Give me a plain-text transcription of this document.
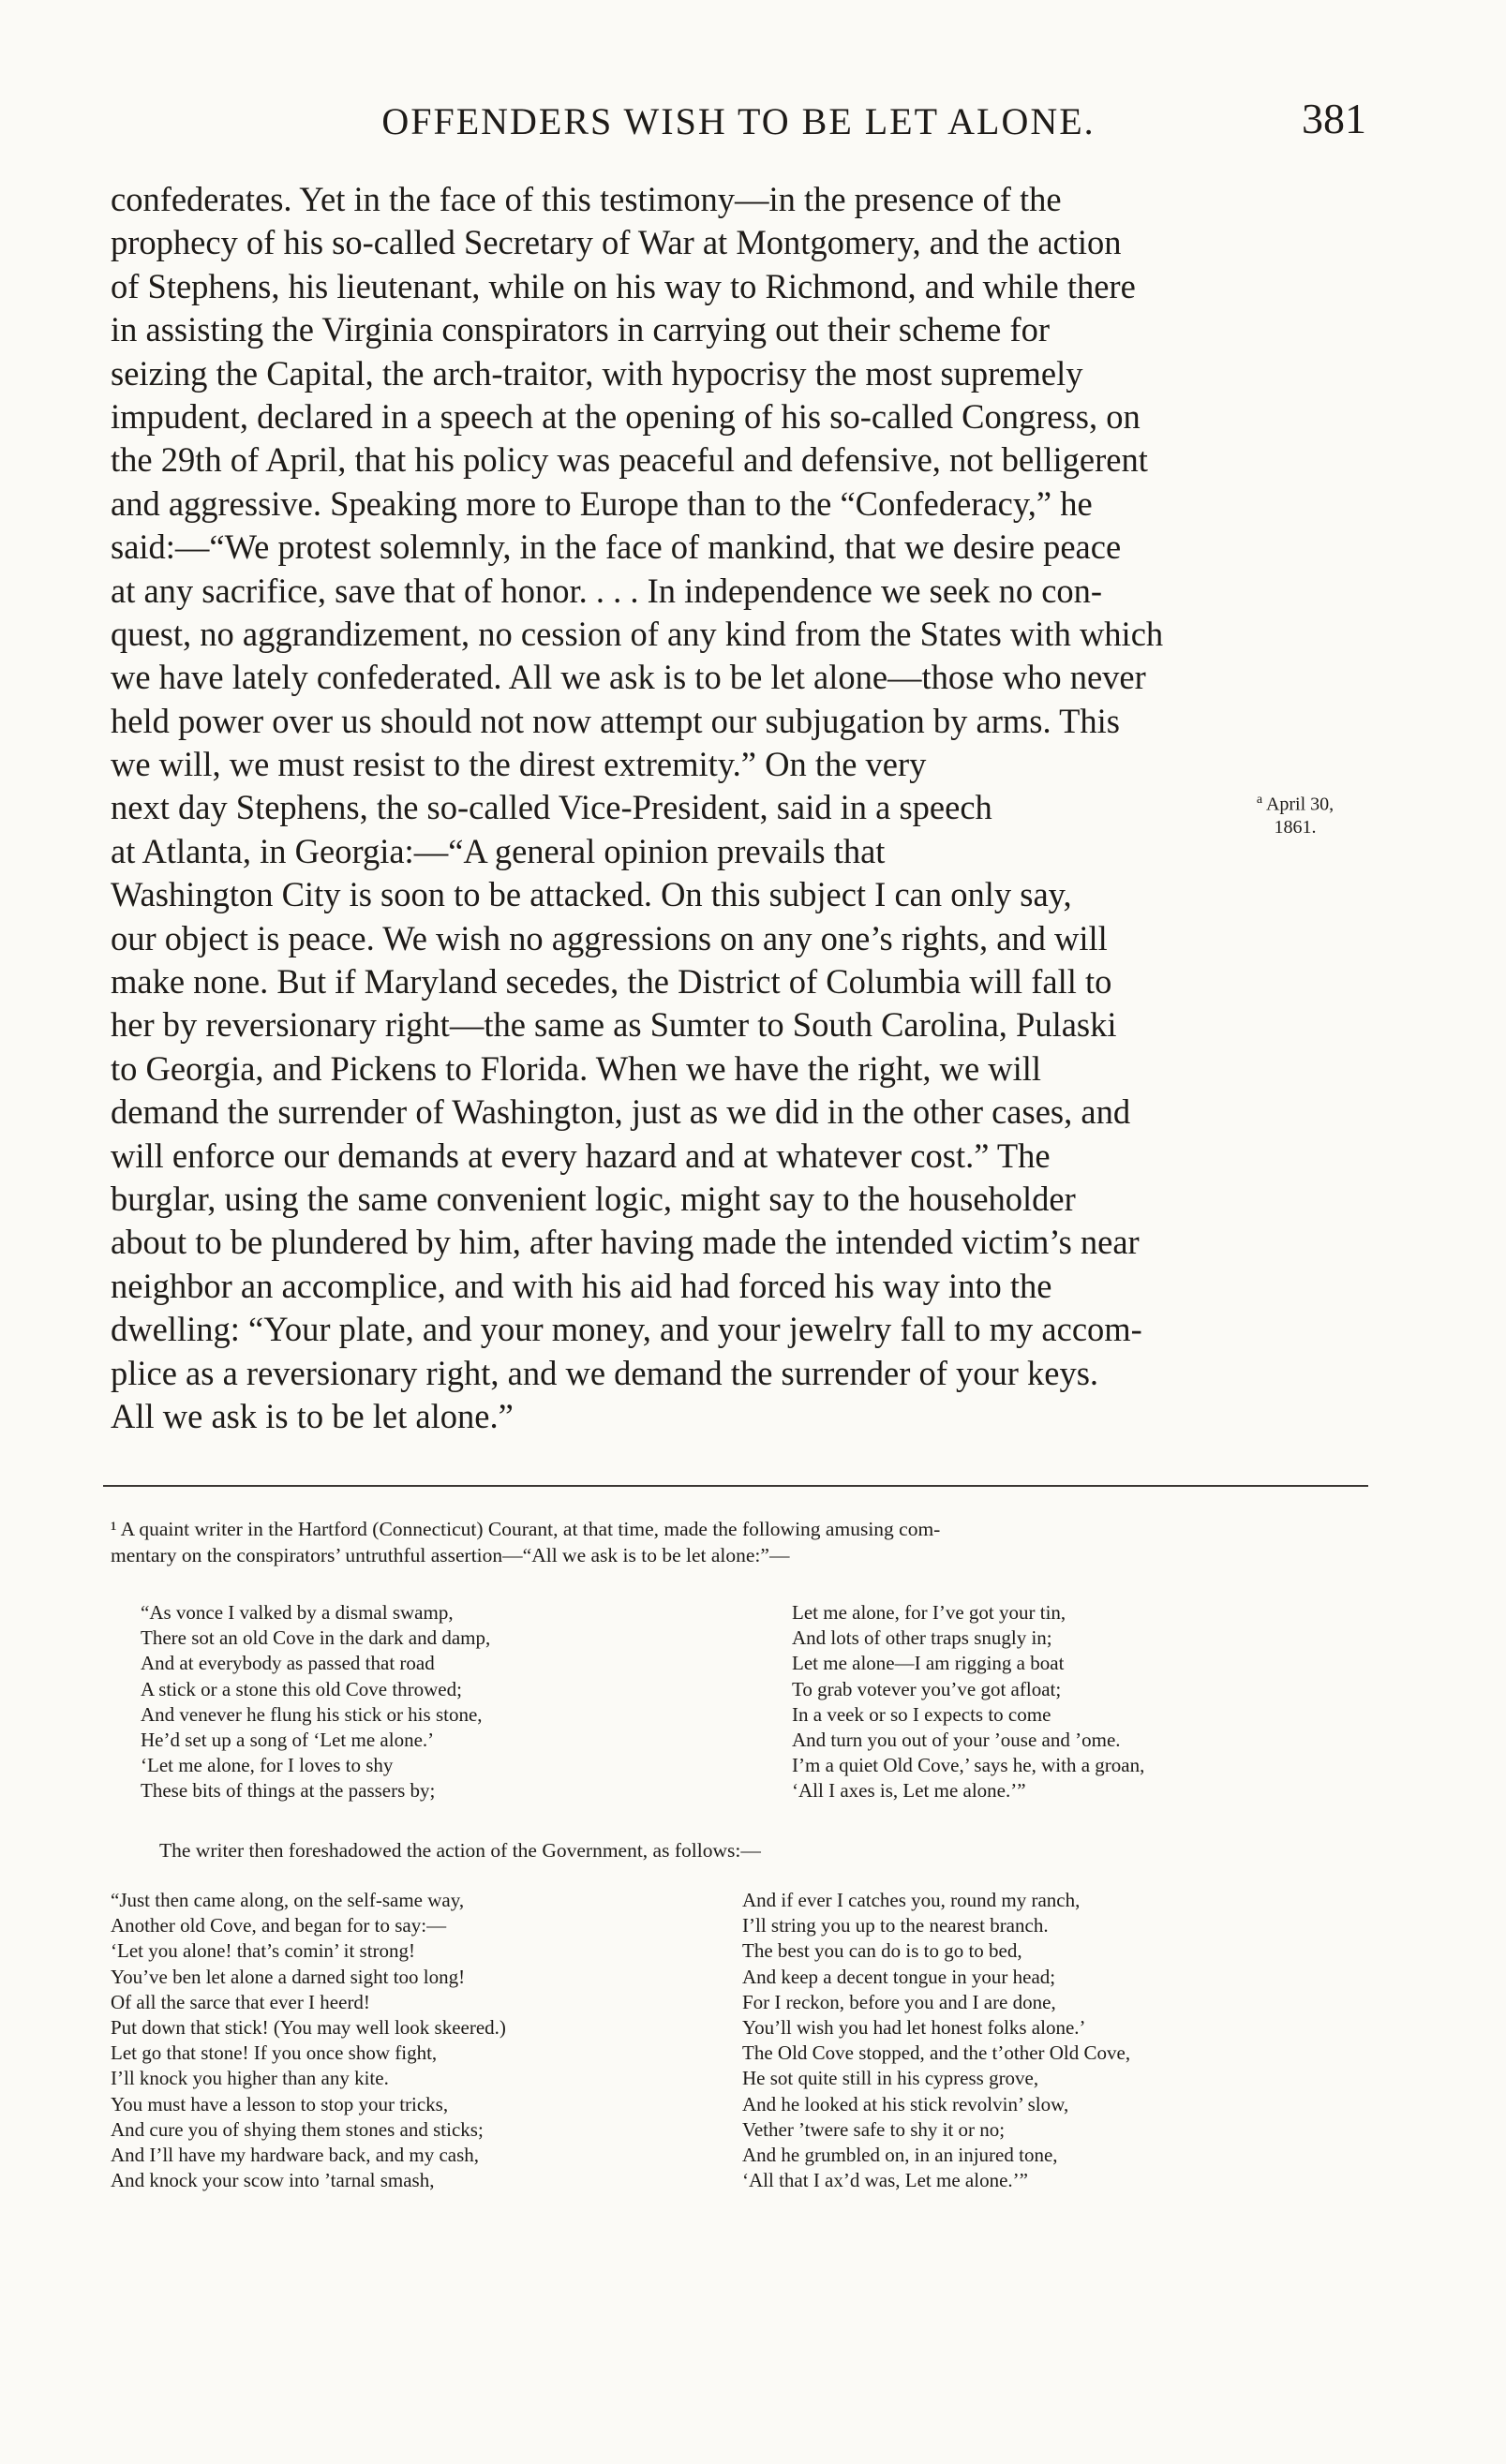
OFFENDERS WISH TO BE LET ALONE.	381
confederates. Yet in the face of this testimony—in the presence of the
prophecy of his so-called Secretary of War at Montgomery, and the action
of Stephens, his lieutenant, while on his way to Richmond, and while there
in assisting the Virginia conspirators in carrying out their scheme for
seizing the Capital, the arch-traitor, with hypocrisy the most supremely
impudent, declared in a speech at the opening of his so-called Congress, on
the 29th of April, that his policy was peaceful and defensive, not belligerent
and aggressive. Speaking more to Europe than to the “Confederacy,” he
said:—“We protest solemnly, in the face of mankind, that we desire peace
at any sacrifice, save that of honor. . . . In independence we seek no con-
quest, no aggrandizement, no cession of any kind from the States with which
we have lately confederated. All we ask is to be let alone—those who never
held power over us should not now attempt our subjugation by arms. This
we will, we must resist to the direst extremity.” On the very
next day Stephens, the so-called Vice-President, said in a speech
at Atlanta, in Georgia:—“A general opinion prevails that
Washington City is soon to be attacked. On this subject I can only say,
our object is peace. We wish no aggressions on any one’s rights, and will
make none. But if Maryland secedes, the District of Columbia will fall to
her by reversionary right—the same as Sumter to South Carolina, Pulaski
to Georgia, and Pickens to Florida. When we have the right, we will
demand the surrender of Washington, just as we did in the other cases, and
will enforce our demands at every hazard and at whatever cost.” The
burglar, using the same convenient logic, might say to the householder
about to be plundered by him, after having made the intended victim’s near
neighbor an accomplice, and with his aid had forced his way into the
dwelling: “Your plate, and your money, and your jewelry fall to my accom-
plice as a reversionary right, and we demand the surrender of your keys.
All we ask is to be let alone.”
$^a$ April 30,
1861.
¹ A quaint writer in the Hartford (Connecticut) Courant, at that time, made the following amusing com-
mentary on the conspirators’ untruthful assertion—“All we ask is to be let alone:”—
“As vonce I valked by a dismal swamp,
There sot an old Cove in the dark and damp,
And at everybody as passed that road
A stick or a stone this old Cove throwed;
And venever he flung his stick or his stone,
He’d set up a song of ‘Let me alone.’
‘Let me alone, for I loves to shy
These bits of things at the passers by;
Let me alone, for I’ve got your tin,
And lots of other traps snugly in;
Let me alone—I am rigging a boat
To grab votever you’ve got afloat;
In a veek or so I expects to come
And turn you out of your ’ouse and ’ome.
I’m a quiet Old Cove,’ says he, with a groan,
‘All I axes is, Let me alone.’”
The writer then foreshadowed the action of the Government, as follows:—
“Just then came along, on the self-same way,
Another old Cove, and began for to say:—
‘Let you alone! that’s comin’ it strong!
You’ve ben let alone a darned sight too long!
Of all the sarce that ever I heerd!
Put down that stick! (You may well look skeered.)
Let go that stone! If you once show fight,
I’ll knock you higher than any kite.
You must have a lesson to stop your tricks,
And cure you of shying them stones and sticks;
And I’ll have my hardware back, and my cash,
And knock your scow into ’tarnal smash,
And if ever I catches you, round my ranch,
I’ll string you up to the nearest branch.
The best you can do is to go to bed,
And keep a decent tongue in your head;
For I reckon, before you and I are done,
You’ll wish you had let honest folks alone.’
The Old Cove stopped, and the t’other Old Cove,
He sot quite still in his cypress grove,
And he looked at his stick revolvin’ slow,
Vether ’twere safe to shy it or no;
And he grumbled on, in an injured tone,
‘All that I ax’d was, Let me alone.’”
